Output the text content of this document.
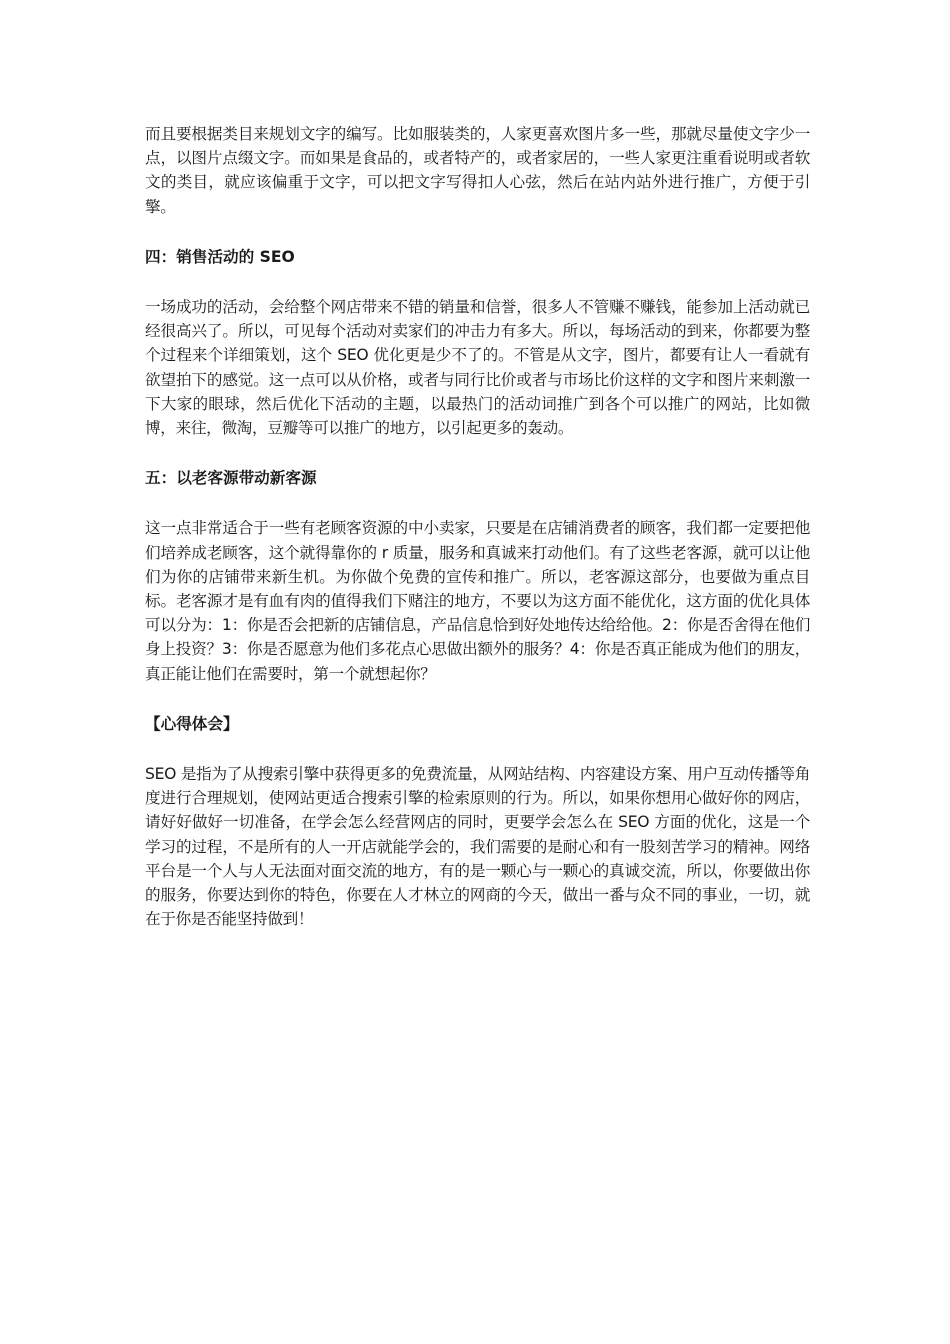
而且要根据类目来规划文字的编写。比如服装类的，人家更喜欢图片多一些，那就尽量使文字少一点，以图片点缀文字。而如果是食品的，或者特产的，或者家居的，一些人家更注重看说明或者软文的类目，就应该偏重于文字，可以把文字写得扣人心弦，然后在站内站外进行推广，方便于引擎。

四：销售活动的 SEO

一场成功的活动，会给整个网店带来不错的销量和信誉，很多人不管赚不赚钱，能参加上活动就已经很高兴了。所以，可见每个活动对卖家们的冲击力有多大。所以，每场活动的到来，你都要为整个过程来个详细策划，这个 SEO 优化更是少不了的。不管是从文字，图片，都要有让人一看就有欲望拍下的感觉。这一点可以从价格，或者与同行比价或者与市场比价这样的文字和图片来刺激一下大家的眼球，然后优化下活动的主题，以最热门的活动词推广到各个可以推广的网站，比如微博，来往，微淘，豆瓣等可以推广的地方，以引起更多的轰动。

五：以老客源带动新客源

这一点非常适合于一些有老顾客资源的中小卖家，只要是在店铺消费者的顾客，我们都一定要把他们培养成老顾客，这个就得靠你的 r 质量，服务和真诚来打动他们。有了这些老客源，就可以让他们为你的店铺带来新生机。为你做个免费的宣传和推广。所以，老客源这部分，也要做为重点目标。老客源才是有血有肉的值得我们下赌注的地方，不要以为这方面不能优化，这方面的优化具体可以分为：1：你是否会把新的店铺信息，产品信息恰到好处地传达给给他。2：你是否舍得在他们身上投资？3：你是否愿意为他们多花点心思做出额外的服务？4：你是否真正能成为他们的朋友，真正能让他们在需要时，第一个就想起你？

【心得体会】

SEO 是指为了从搜索引擎中获得更多的免费流量，从网站结构、内容建设方案、用户互动传播等角度进行合理规划，使网站更适合搜索引擎的检索原则的行为。所以，如果你想用心做好你的网店，请好好做好一切准备，在学会怎么经营网店的同时，更要学会怎么在 SEO 方面的优化，这是一个学习的过程，不是所有的人一开店就能学会的，我们需要的是耐心和有一股刻苦学习的精神。网络平台是一个人与人无法面对面交流的地方，有的是一颗心与一颗心的真诚交流，所以，你要做出你的服务，你要达到你的特色，你要在人才林立的网商的今天，做出一番与众不同的事业，一切，就在于你是否能坚持做到！
